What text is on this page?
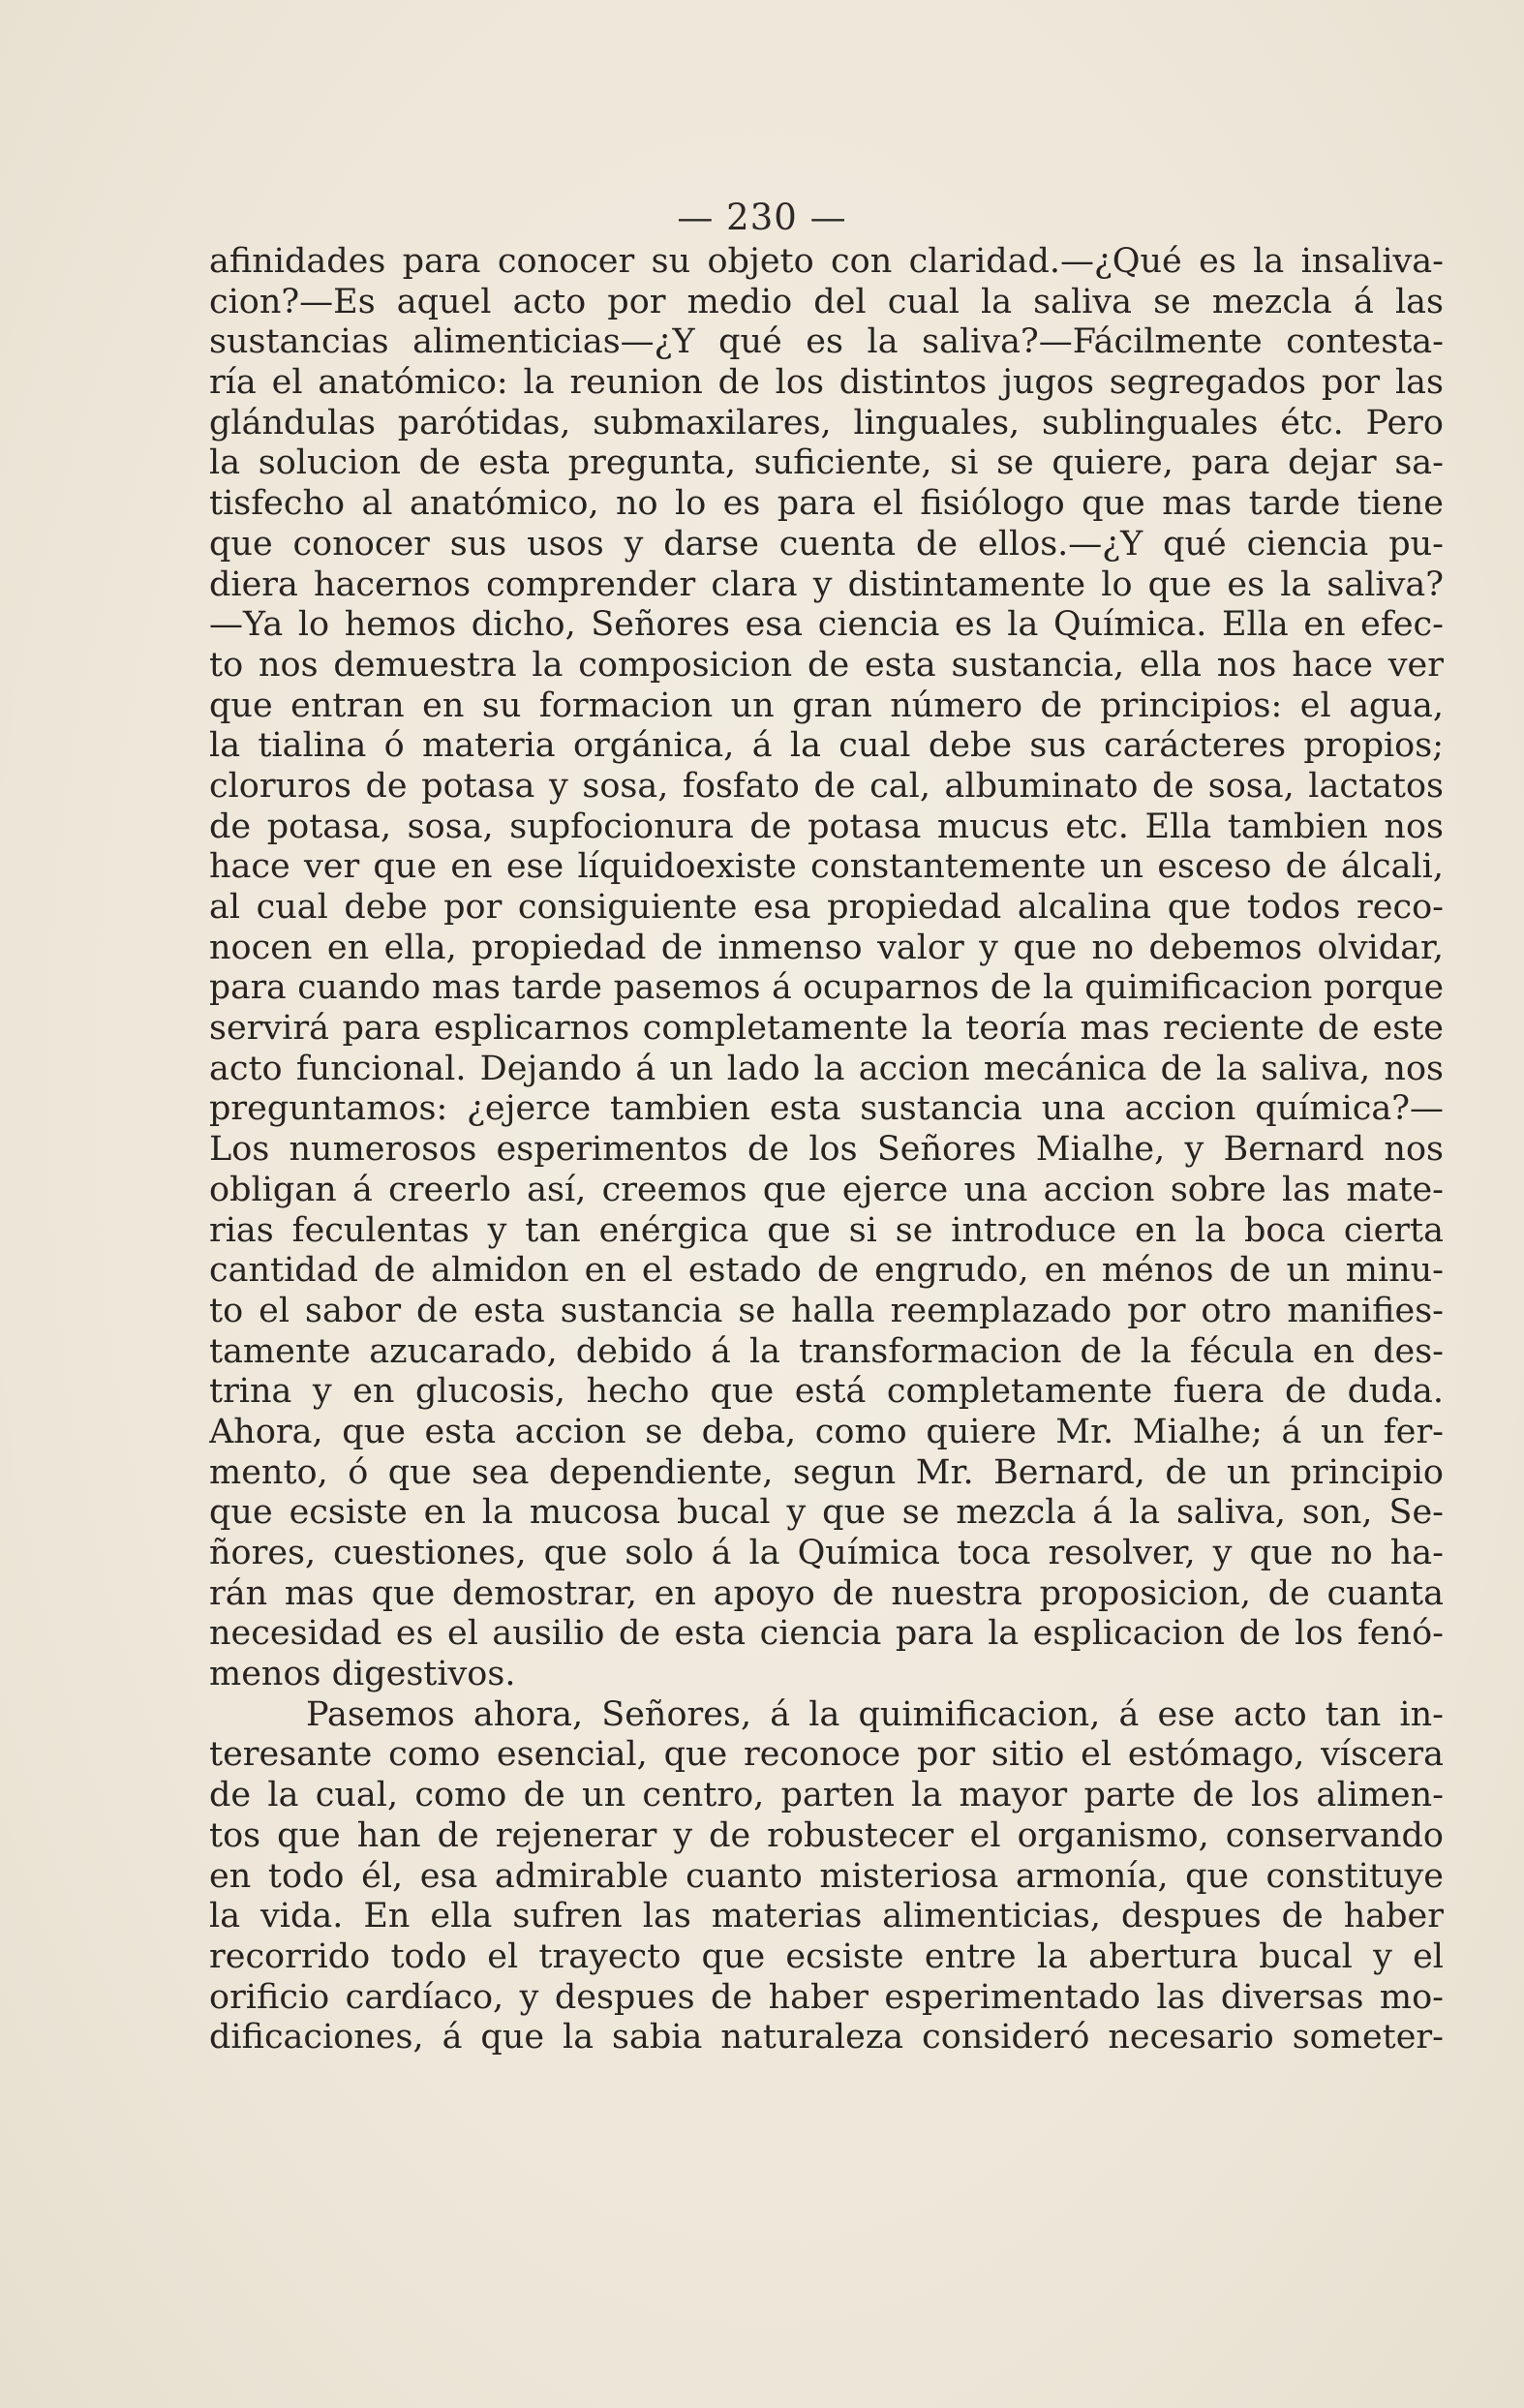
— 230 —
afinidades para conocer su objeto con claridad.—¿Qué es la insaliva-
cion?—Es aquel acto por medio del cual la saliva se mezcla á las
sustancias alimenticias—¿Y qué es la saliva?—Fácilmente contesta-
ría el anatómico: la reunion de los distintos jugos segregados por las
glándulas parótidas, submaxilares, linguales, sublinguales étc. Pero
la solucion de esta pregunta, suficiente, si se quiere, para dejar sa-
tisfecho al anatómico, no lo es para el fisiólogo que mas tarde tiene
que conocer sus usos y darse cuenta de ellos.—¿Y qué ciencia pu-
diera hacernos comprender clara y distintamente lo que es la saliva?
—Ya lo hemos dicho, Señores esa ciencia es la Química. Ella en efec-
to nos demuestra la composicion de esta sustancia, ella nos hace ver
que entran en su formacion un gran número de principios: el agua,
la tialina ó materia orgánica, á la cual debe sus carácteres propios;
cloruros de potasa y sosa, fosfato de cal, albuminato de sosa, lactatos
de potasa, sosa, supfocionura de potasa mucus etc. Ella tambien nos
hace ver que en ese líquidoexiste constantemente un esceso de álcali,
al cual debe por consiguiente esa propiedad alcalina que todos reco-
nocen en ella, propiedad de inmenso valor y que no debemos olvidar,
para cuando mas tarde pasemos á ocuparnos de la quimificacion porque
servirá para esplicarnos completamente la teoría mas reciente de este
acto funcional. Dejando á un lado la accion mecánica de la saliva, nos
preguntamos: ¿ejerce tambien esta sustancia una accion química?—
Los numerosos esperimentos de los Señores Mialhe, y Bernard nos
obligan á creerlo así, creemos que ejerce una accion sobre las mate-
rias feculentas y tan enérgica que si se introduce en la boca cierta
cantidad de almidon en el estado de engrudo, en ménos de un minu-
to el sabor de esta sustancia se halla reemplazado por otro manifies-
tamente azucarado, debido á la transformacion de la fécula en des-
trina y en glucosis, hecho que está completamente fuera de duda.
Ahora, que esta accion se deba, como quiere Mr. Mialhe; á un fer-
mento, ó que sea dependiente, segun Mr. Bernard, de un principio
que ecsiste en la mucosa bucal y que se mezcla á la saliva, son, Se-
ñores, cuestiones, que solo á la Química toca resolver, y que no ha-
rán mas que demostrar, en apoyo de nuestra proposicion, de cuanta
necesidad es el ausilio de esta ciencia para la esplicacion de los fenó-
menos digestivos.
Pasemos ahora, Señores, á la quimificacion, á ese acto tan in-
teresante como esencial, que reconoce por sitio el estómago, víscera
de la cual, como de un centro, parten la mayor parte de los alimen-
tos que han de rejenerar y de robustecer el organismo, conservando
en todo él, esa admirable cuanto misteriosa armonía, que constituye
la vida. En ella sufren las materias alimenticias, despues de haber
recorrido todo el trayecto que ecsiste entre la abertura bucal y el
orificio cardíaco, y despues de haber esperimentado las diversas mo-
dificaciones, á que la sabia naturaleza consideró necesario someter-
